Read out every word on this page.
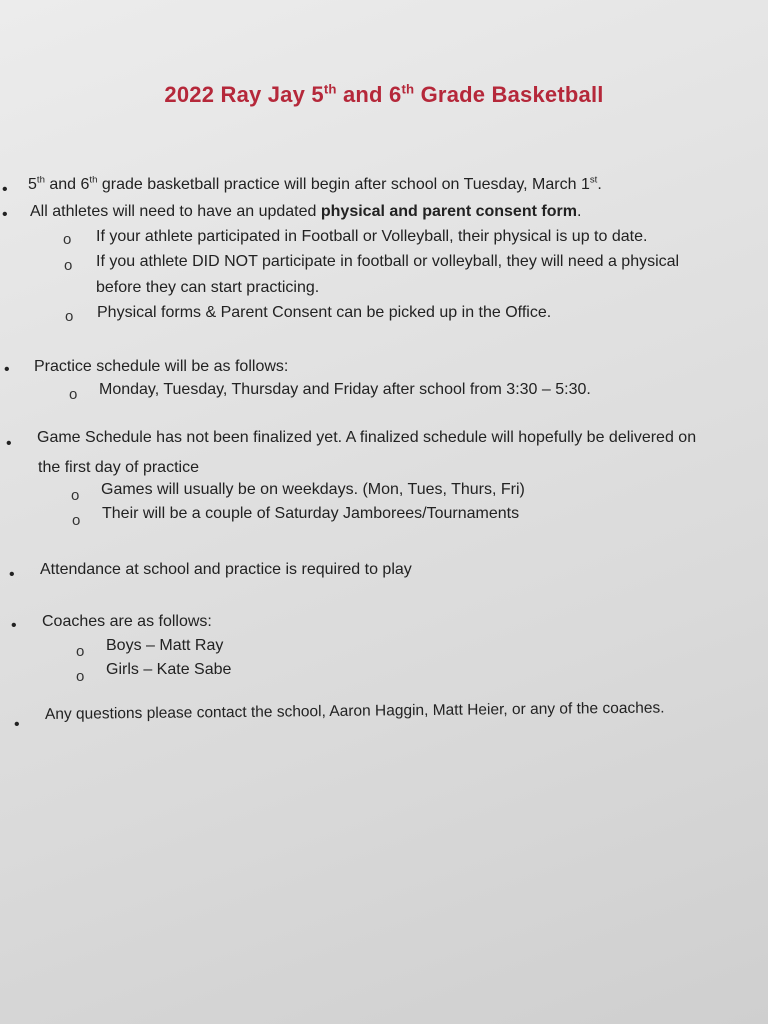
2022 Ray Jay 5th and 6th Grade Basketball
• 5th and 6th grade basketball practice will begin after school on Tuesday, March 1st.
• All athletes will need to have an updated physical and parent consent form.
o If your athlete participated in Football or Volleyball, their physical is up to date.
o If you athlete DID NOT participate in football or volleyball, they will need a physical
before they can start practicing.
o Physical forms & Parent Consent can be picked up in the Office.
• Practice schedule will be as follows:
o Monday, Tuesday, Thursday and Friday after school from 3:30 – 5:30.
• Game Schedule has not been finalized yet. A finalized schedule will hopefully be delivered on
the first day of practice
o Games will usually be on weekdays. (Mon, Tues, Thurs, Fri)
o Their will be a couple of Saturday Jamborees/Tournaments
• Attendance at school and practice is required to play
• Coaches are as follows:
o Boys – Matt Ray
o Girls – Kate Sabe
•
Any questions please contact the school, Aaron Haggin, Matt Heier, or any of the coaches.
